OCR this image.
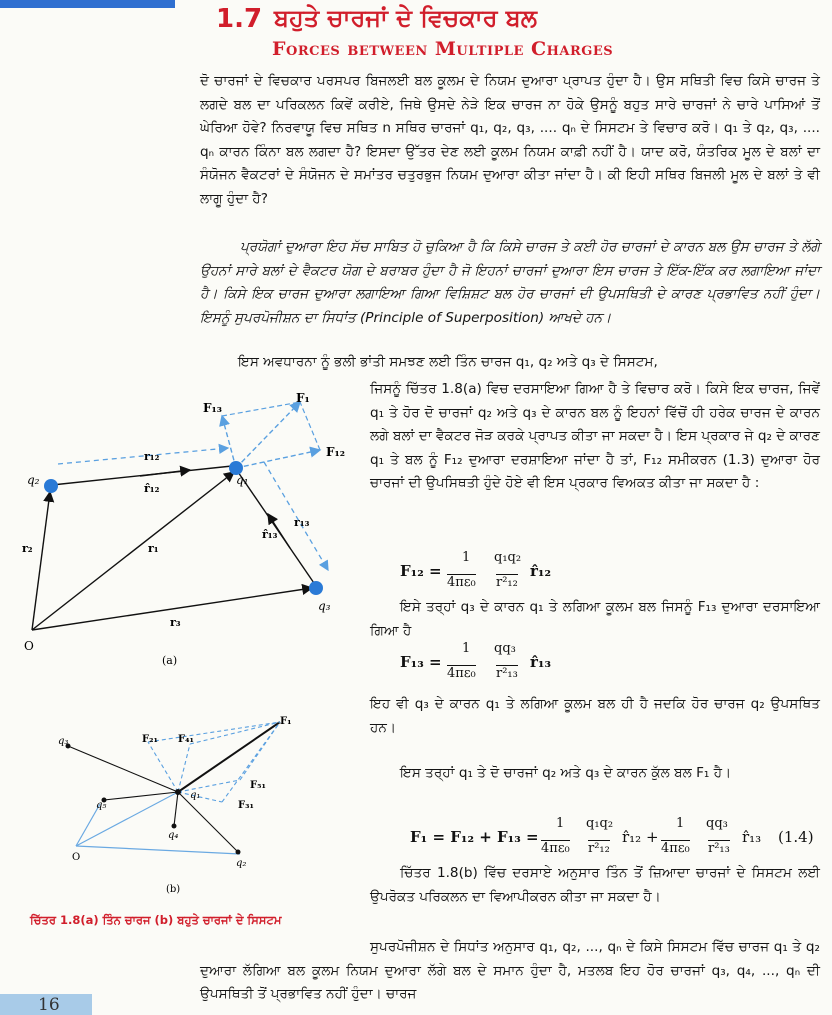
1.7 ਬਹੁਤੇ ਚਾਰਜਾਂ ਦੇ ਵਿਚਕਾਰ ਬਲ
Forces between Multiple Charges

ਦੋ ਚਾਰਜਾਂ ਦੇ ਵਿਚਕਾਰ ਪਰਸਪਰ ਬਿਜਲਈ ਬਲ ਕੂਲਮ ਦੇ ਨਿਯਮ ਦੁਆਰਾ ਪ੍ਰਾਪਤ ਹੁੰਦਾ ਹੈ। ਉਸ ਸਥਿਤੀ ਵਿਚ ਕਿਸੇ ਚਾਰਜ ਤੇ ਲਗਦੇ ਬਲ ਦਾ ਪਰਿਕਲਨ ਕਿਵੇਂ ਕਰੀਏ, ਜਿਥੇ ਉਸਦੇ ਨੇੜੇ ਇਕ ਚਾਰਜ ਨਾ ਹੋਕੇ ਉਸਨੂੰ ਬਹੁਤ ਸਾਰੇ ਚਾਰਜਾਂ ਨੇ ਚਾਰੇ ਪਾਸਿਆਂ ਤੋਂ ਘੇਰਿਆ ਹੋਵੇ? ਨਿਰਵਾਯੂ ਵਿਚ ਸਥਿਤ n ਸਥਿਰ ਚਾਰਜਾਂ q₁, q₂, q₃, .... qₙ ਦੇ ਸਿਸਟਮ ਤੇ ਵਿਚਾਰ ਕਰੋ। q₁ ਤੇ q₂, q₃, .... qₙ ਕਾਰਨ ਕਿੰਨਾ ਬਲ ਲਗਦਾ ਹੈ? ਇਸਦਾ ਉੱਤਰ ਦੇਣ ਲਈ ਕੂਲਮ ਨਿਯਮ ਕਾਫ਼ੀ ਨਹੀਂ ਹੈ। ਯਾਦ ਕਰੋ, ਯੰਤਰਿਕ ਮੂਲ ਦੇ ਬਲਾਂ ਦਾ ਸੰਯੋਜਨ ਵੈਕਟਰਾਂ ਦੇ ਸੰਯੋਜਨ ਦੇ ਸਮਾਂਤਰ ਚਤੁਰਭੁਜ ਨਿਯਮ ਦੁਆਰਾ ਕੀਤਾ ਜਾਂਦਾ ਹੈ। ਕੀ ਇਹੀ ਸਥਿਰ ਬਿਜਲੀ ਮੂਲ ਦੇ ਬਲਾਂ ਤੇ ਵੀ ਲਾਗੂ ਹੁੰਦਾ ਹੈ?

ਪ੍ਰਯੋਗਾਂ ਦੁਆਰਾ ਇਹ ਸੱਚ ਸਾਬਿਤ ਹੋ ਚੁਕਿਆ ਹੈ ਕਿ ਕਿਸੇ ਚਾਰਜ ਤੇ ਕਈ ਹੋਰ ਚਾਰਜਾਂ ਦੇ ਕਾਰਨ ਬਲ ਉਸ ਚਾਰਜ ਤੇ ਲੱਗੇ ਉਹਨਾਂ ਸਾਰੇ ਬਲਾਂ ਦੇ ਵੈਕਟਰ ਯੋਗ ਦੇ ਬਰਾਬਰ ਹੁੰਦਾ ਹੈ ਜੋ ਇਹਨਾਂ ਚਾਰਜਾਂ ਦੁਆਰਾ ਇਸ ਚਾਰਜ ਤੇ ਇੱਕ-ਇੱਕ ਕਰ ਲਗਾਇਆ ਜਾਂਦਾ ਹੈ। ਕਿਸੇ ਇਕ ਚਾਰਜ ਦੁਆਰਾ ਲਗਾਇਆ ਗਿਆ ਵਿਸ਼ਿਸ਼ਟ ਬਲ ਹੋਰ ਚਾਰਜਾਂ ਦੀ ਉਪਸਥਿਤੀ ਦੇ ਕਾਰਣ ਪ੍ਰਭਾਵਿਤ ਨਹੀਂ ਹੁੰਦਾ। ਇਸਨੂੰ ਸੁਪਰਪੋਜੀਸ਼ਨ ਦਾ ਸਿਧਾਂਤ (Principle of Superposition) ਆਖਦੇ ਹਨ।

ਇਸ ਅਵਧਾਰਨਾ ਨੂੰ ਭਲੀ ਭਾਂਤੀ ਸਮਝਣ ਲਈ ਤਿੰਨ ਚਾਰਜ q₁, q₂ ਅਤੇ q₃ ਦੇ ਸਿਸਟਮ,

ਜਿਸਨੂੰ ਚਿੱਤਰ 1.8(a) ਵਿਚ ਦਰਸਾਇਆ ਗਿਆ ਹੈ ਤੇ ਵਿਚਾਰ ਕਰੋ। ਕਿਸੇ ਇਕ ਚਾਰਜ, ਜਿਵੇਂ q₁ ਤੇ ਹੋਰ ਦੋ ਚਾਰਜਾਂ q₂ ਅਤੇ q₃ ਦੇ ਕਾਰਨ ਬਲ ਨੂੰ ਇਹਨਾਂ ਵਿੱਚੋਂ ਹੀ ਹਰੇਕ ਚਾਰਜ ਦੇ ਕਾਰਨ ਲਗੇ ਬਲਾਂ ਦਾ ਵੈਕਟਰ ਜੋੜ ਕਰਕੇ ਪ੍ਰਾਪਤ ਕੀਤਾ ਜਾ ਸਕਦਾ ਹੈ। ਇਸ ਪ੍ਰਕਾਰ ਜੇ q₂ ਦੇ ਕਾਰਣ q₁ ਤੇ ਬਲ ਨੂੰ F₁₂ ਦੁਆਰਾ ਦਰਸ਼ਾਇਆ ਜਾਂਦਾ ਹੈ ਤਾਂ, F₁₂ ਸਮੀਕਰਨ (1.3) ਦੁਆਰਾ ਹੋਰ ਚਾਰਜਾਂ ਦੀ ਉਪਸਿਥਤੀ ਹੁੰਦੇ ਹੋਏ ਵੀ ਇਸ ਪ੍ਰਕਾਰ ਵਿਅਕਤ ਕੀਤਾ ਜਾ ਸਕਦਾ ਹੈ :

F₁₂ =
1
4πε₀
q₁q₂
r²₁₂
r̂₁₂

ਇਸੇ ਤਰ੍ਹਾਂ q₃ ਦੇ ਕਾਰਨ q₁ ਤੇ ਲਗਿਆ ਕੂਲਮ ਬਲ ਜਿਸਨੂੰ F₁₃ ਦੁਆਰਾ ਦਰਸਾਇਆ ਗਿਆ ਹੈ

F₁₃ =
1
4πε₀
qq₃
r²₁₃
r̂₁₃

ਇਹ ਵੀ q₃ ਦੇ ਕਾਰਨ q₁ ਤੇ ਲਗਿਆ ਕੂਲਮ ਬਲ ਹੀ ਹੈ ਜਦਕਿ ਹੋਰ ਚਾਰਜ q₂ ਉਪਸਥਿਤ ਹਨ।

ਇਸ ਤਰ੍ਹਾਂ q₁ ਤੇ ਦੋ ਚਾਰਜਾਂ q₂ ਅਤੇ q₃ ਦੇ ਕਾਰਨ ਕੁੱਲ ਬਲ F₁ ਹੈ।

F₁ = F₁₂ + F₁₃ =
1
4πε₀
q₁q₂
r²₁₂
r̂₁₂ +
1
4πε₀
qq₃
r²₁₃
r̂₁₃ (1.4)

ਚਿੱਤਰ 1.8(b) ਵਿੱਚ ਦਰਸਾਏ ਅਨੁਸਾਰ ਤਿੰਨ ਤੋਂ ਜ਼ਿਆਦਾ ਚਾਰਜਾਂ ਦੇ ਸਿਸਟਮ ਲਈ ਉਪਰੋਕਤ ਪਰਿਕਲਨ ਦਾ ਵਿਆਪੀਕਰਨ ਕੀਤਾ ਜਾ ਸਕਦਾ ਹੈ।

ਸੁਪਰਪੋਜੀਸ਼ਨ ਦੇ ਸਿਧਾਂਤ ਅਨੁਸਾਰ q₁, q₂, ..., qₙ ਦੇ ਕਿਸੇ ਸਿਸਟਮ ਵਿੱਚ ਚਾਰਜ q₁ ਤੇ q₂ ਦੁਆਰਾ ਲੱਗਿਆ ਬਲ ਕੂਲਮ ਨਿਯਮ ਦੁਆਰਾ ਲੱਗੇ ਬਲ ਦੇ ਸਮਾਨ ਹੁੰਦਾ ਹੈ, ਮਤਲਬ ਇਹ ਹੋਰ ਚਾਰਜਾਂ q₃, q₄, ..., qₙ ਦੀ ਉਪਸਥਿਤੀ ਤੋਂ ਪ੍ਰਭਾਵਿਤ ਨਹੀਂ ਹੁੰਦਾ। ਚਾਰਜ

F₁₃
F₁
F₁₂
r₁₂
r̂₁₂
q₁
q₂
q₃
r₂	r₁
r₃
r₁₃
r̂₁₃
O
(a)
q₃	F₂₁ F₄₁
F₁
q₅
F₅₁
q₁
F₃₁
q₄
O
q₂
(b)
ਚਿੱਤਰ 1.8(a) ਤਿੰਨ ਚਾਰਜ (b) ਬਹੁਤੇ ਚਾਰਜਾਂ ਦੇ ਸਿਸਟਮ
16
